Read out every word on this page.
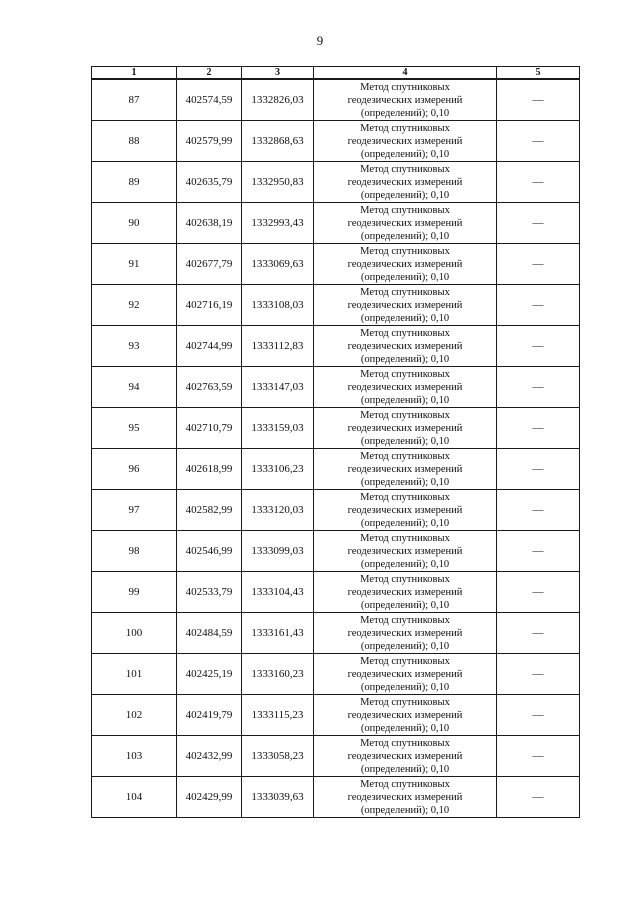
9
1	2	3	4	5
87	402574,59	1332826,03	Метод спутниковых
геодезических измерений
(определений); 0,10	—
88	402579,99	1332868,63	Метод спутниковых
геодезических измерений
(определений); 0,10	—
89	402635,79	1332950,83	Метод спутниковых
геодезических измерений
(определений); 0,10	—
90	402638,19	1332993,43	Метод спутниковых
геодезических измерений
(определений); 0,10	—
91	402677,79	1333069,63	Метод спутниковых
геодезических измерений
(определений); 0,10	—
92	402716,19	1333108,03	Метод спутниковых
геодезических измерений
(определений); 0,10	—
93	402744,99	1333112,83	Метод спутниковых
геодезических измерений
(определений); 0,10	—
94	402763,59	1333147,03	Метод спутниковых
геодезических измерений
(определений); 0,10	—
95	402710,79	1333159,03	Метод спутниковых
геодезических измерений
(определений); 0,10	—
96	402618,99	1333106,23	Метод спутниковых
геодезических измерений
(определений); 0,10	—
97	402582,99	1333120,03	Метод спутниковых
геодезических измерений
(определений); 0,10	—
98	402546,99	1333099,03	Метод спутниковых
геодезических измерений
(определений); 0,10	—
99	402533,79	1333104,43	Метод спутниковых
геодезических измерений
(определений); 0,10	—
100	402484,59	1333161,43	Метод спутниковых
геодезических измерений
(определений); 0,10	—
101	402425,19	1333160,23	Метод спутниковых
геодезических измерений
(определений); 0,10	—
102	402419,79	1333115,23	Метод спутниковых
геодезических измерений
(определений); 0,10	—
103	402432,99	1333058,23	Метод спутниковых
геодезических измерений
(определений); 0,10	—
104	402429,99	1333039,63	Метод спутниковых
геодезических измерений
(определений); 0,10	—
